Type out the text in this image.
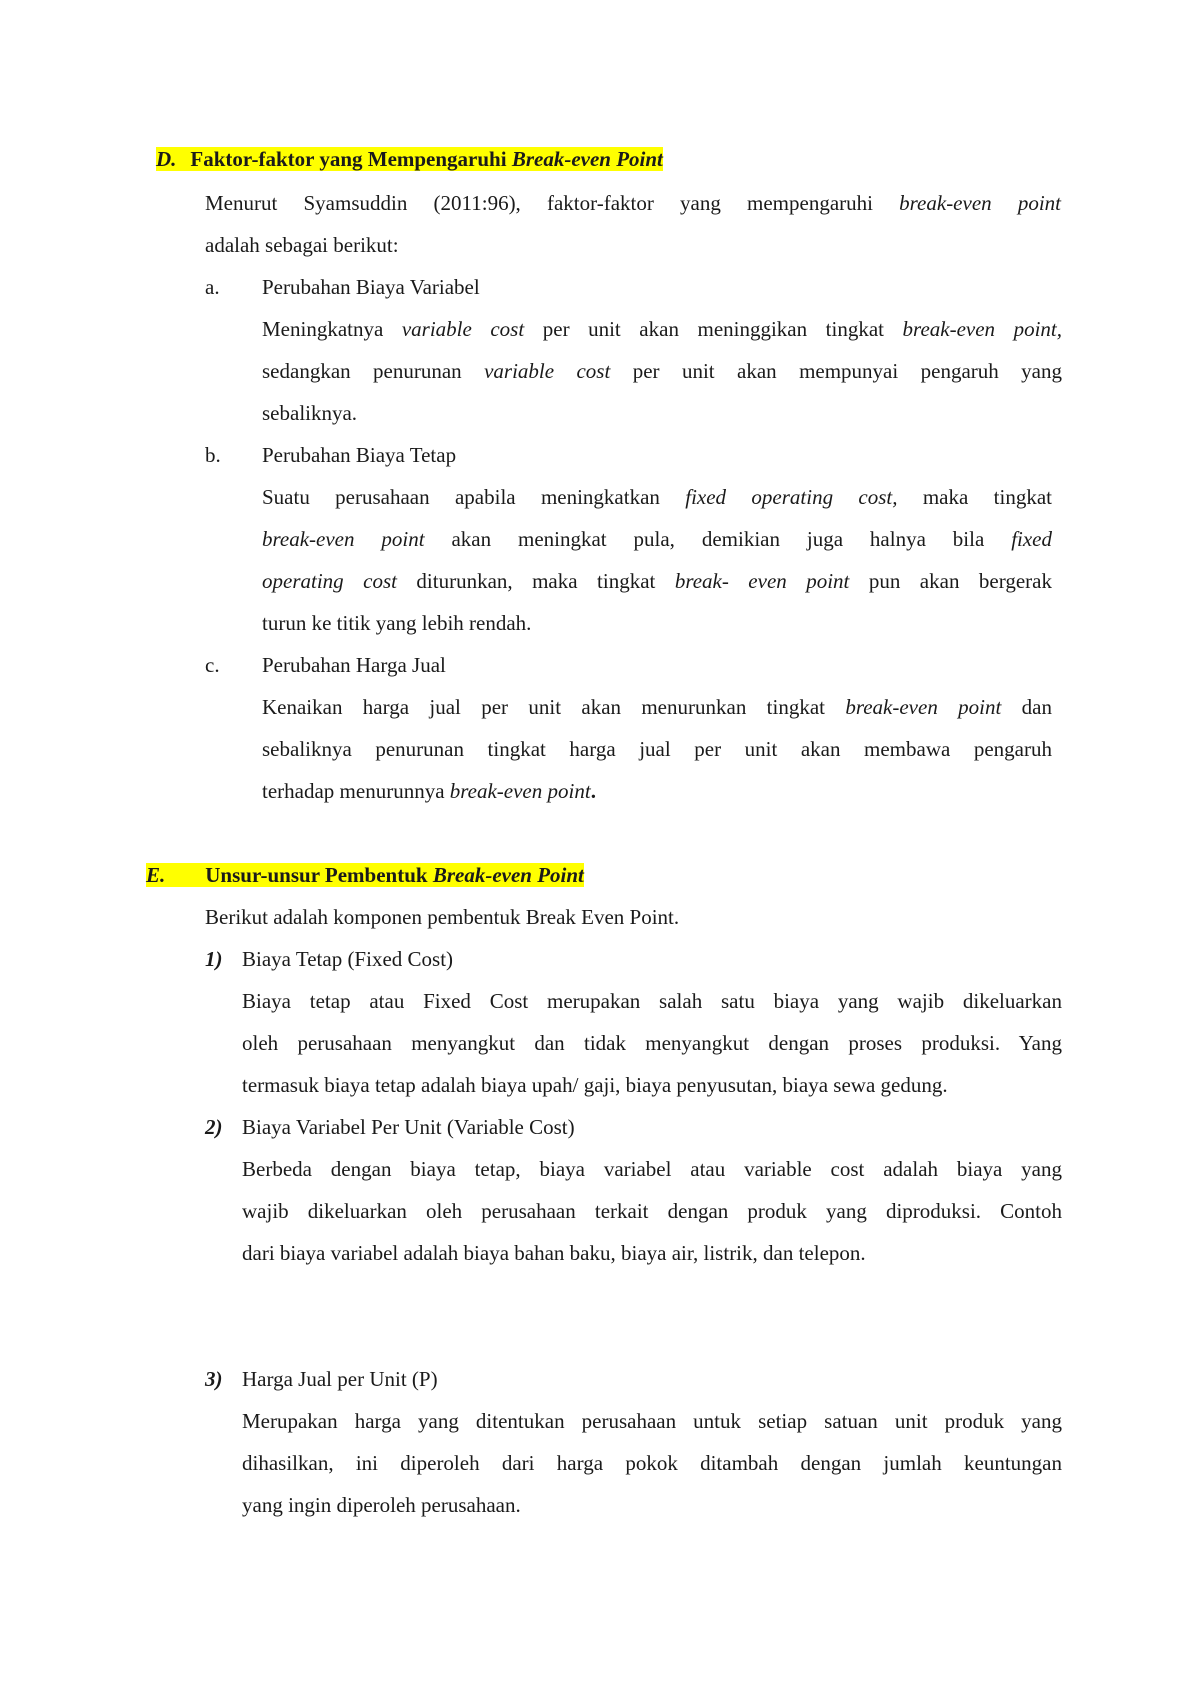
D. Faktor-faktor yang Mempengaruhi Break-even Point
Menurut Syamsuddin (2011:96), faktor-faktor yang mempengaruhi break-even point
adalah sebagai berikut:
a. Perubahan Biaya Variabel
Meningkatnya variable cost per unit akan meninggikan tingkat break-even point,
sedangkan penurunan variable cost per unit akan mempunyai pengaruh yang
sebaliknya.
b. Perubahan Biaya Tetap
Suatu perusahaan apabila meningkatkan fixed operating cost, maka tingkat
break-even point akan meningkat pula, demikian juga halnya bila fixed
operating cost diturunkan, maka tingkat break- even point pun akan bergerak
turun ke titik yang lebih rendah.
c. Perubahan Harga Jual
Kenaikan harga jual per unit akan menurunkan tingkat break-even point dan
sebaliknya penurunan tingkat harga jual per unit akan membawa pengaruh
terhadap menurunnya break-even point.
E. Unsur-unsur Pembentuk Break-even Point
Berikut adalah komponen pembentuk Break Even Point.
1) Biaya Tetap (Fixed Cost)
Biaya tetap atau Fixed Cost merupakan salah satu biaya yang wajib dikeluarkan
oleh perusahaan menyangkut dan tidak menyangkut dengan proses produksi. Yang
termasuk biaya tetap adalah biaya upah/ gaji, biaya penyusutan, biaya sewa gedung.
2) Biaya Variabel Per Unit (Variable Cost)
Berbeda dengan biaya tetap, biaya variabel atau variable cost adalah biaya yang
wajib dikeluarkan oleh perusahaan terkait dengan produk yang diproduksi. Contoh
dari biaya variabel adalah biaya bahan baku, biaya air, listrik, dan telepon.
3) Harga Jual per Unit (P)
Merupakan harga yang ditentukan perusahaan untuk setiap satuan unit produk yang
dihasilkan, ini diperoleh dari harga pokok ditambah dengan jumlah keuntungan
yang ingin diperoleh perusahaan.
